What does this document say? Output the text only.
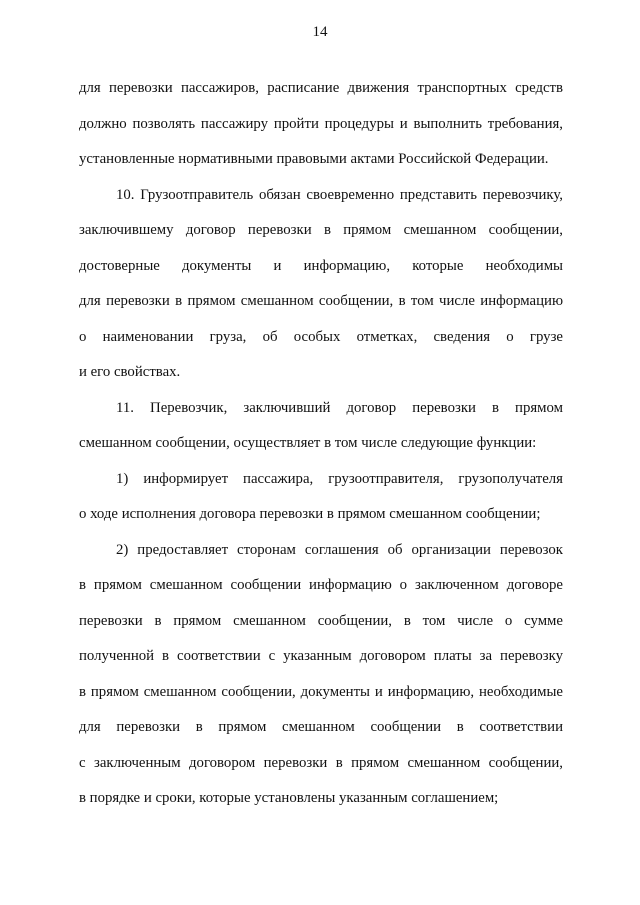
14
для перевозки пассажиров, расписание движения транспортных средств
должно позволять пассажиру пройти процедуры и выполнить требования,
установленные нормативными правовыми актами Российской Федерации.
10. Грузоотправитель обязан своевременно представить перевозчику,
заключившему договор перевозки в прямом смешанном сообщении,
достоверные документы и информацию, которые необходимы
для перевозки в прямом смешанном сообщении, в том числе информацию
о наименовании груза, об особых отметках, сведения о грузе
и его свойствах.
11. Перевозчик, заключивший договор перевозки в прямом
смешанном сообщении, осуществляет в том числе следующие функции:
1) информирует пассажира, грузоотправителя, грузополучателя
о ходе исполнения договора перевозки в прямом смешанном сообщении;
2) предоставляет сторонам соглашения об организации перевозок
в прямом смешанном сообщении информацию о заключенном договоре
перевозки в прямом смешанном сообщении, в том числе о сумме
полученной в соответствии с указанным договором платы за перевозку
в прямом смешанном сообщении, документы и информацию, необходимые
для перевозки в прямом смешанном сообщении в соответствии
с заключенным договором перевозки в прямом смешанном сообщении,
в порядке и сроки, которые установлены указанным соглашением;
